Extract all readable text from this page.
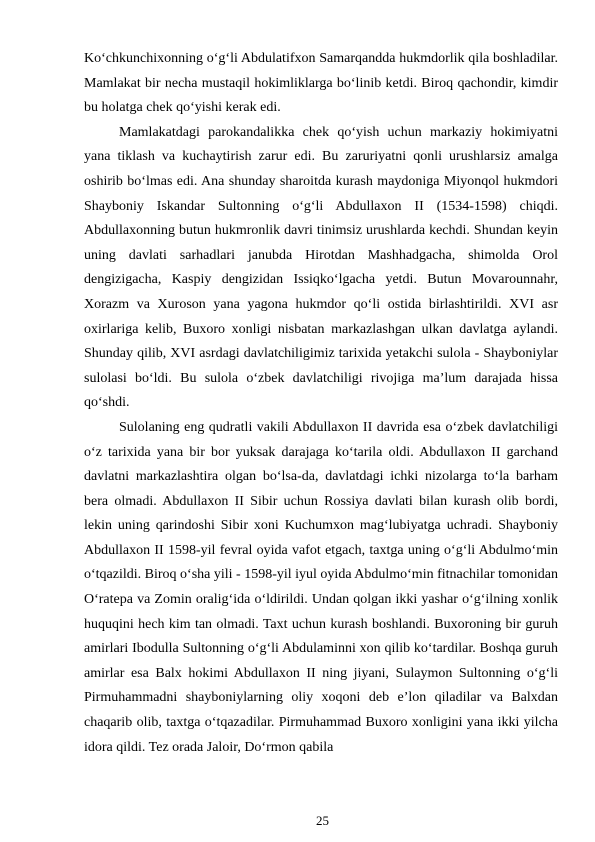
Ko‘chkunchixonning o‘g‘li Abdulatifxon Samarqandda hukmdorlik qila boshladilar. Mamlakat bir necha mustaqil hokimliklarga bo‘linib ketdi. Biroq qachondir, kimdir bu holatga chek qo‘yishi kerak edi.

Mamlakatdagi parokandalikka chek qo‘yish uchun markaziy hokimiyatni yana tiklash va kuchaytirish zarur edi. Bu zaruriyatni qonli urushlarsiz amalga oshirib bo‘lmas edi. Ana shunday sharoitda kurash maydoniga Miyonqol hukmdori Shayboniy Iskandar Sultonning o‘g‘li Abdullaxon II (1534-1598) chiqdi. Abdullaxonning butun hukmronlik davri tinimsiz urushlarda kechdi. Shundan keyin uning davlati sarhadlari janubda Hirotdan Mashhadgacha, shimolda Orol dengizigacha, Kaspiy dengizidan Issiqko‘lgacha yetdi. Butun Movarounnahr, Xorazm va Xuroson yana yagona hukmdor qo‘li ostida birlashtirildi. XVI asr oxirlariga kelib, Buxoro xonligi nisbatan markazlashgan ulkan davlatga aylandi. Shunday qilib, XVI asrdagi davlatchiligimiz tarixida yetakchi sulola - Shayboniylar sulolasi bo‘ldi. Bu sulola o‘zbek davlatchiligi rivojiga ma’lum darajada hissa qo‘shdi.

Sulolaning eng qudratli vakili Abdullaxon II davrida esa o‘zbek davlatchiligi o‘z tarixida yana bir bor yuksak darajaga ko‘tarila oldi. Abdullaxon II garchand davlatni markazlashtira olgan bo‘lsa-da, davlatdagi ichki nizolarga to‘la barham bera olmadi. Abdullaxon II Sibir uchun Rossiya davlati bilan kurash olib bordi, lekin uning qarindoshi Sibir xoni Kuchumxon mag‘lubiyatga uchradi. Shayboniy Abdullaxon II 1598-yil fevral oyida vafot etgach, taxtga uning o‘g‘li Abdulmo‘min o‘tqazildi. Biroq o‘sha yili - 1598-yil iyul oyida Abdulmo‘min fitnachilar tomonidan O‘ratepa va Zomin oralig‘ida o‘ldirildi. Undan qolgan ikki yashar o‘g‘ilning xonlik huquqini hech kim tan olmadi. Taxt uchun kurash boshlandi. Buxoroning bir guruh amirlari Ibodulla Sultonning o‘g‘li Abdulaminni xon qilib ko‘tardilar. Boshqa guruh amirlar esa Balx hokimi Abdullaxon II ning jiyani, Sulaymon Sultonning o‘g‘li Pirmuhammadni shayboniylarning oliy xoqoni deb e’lon qiladilar va Balxdan chaqarib olib, taxtga o‘tqazadilar. Pirmuhammad Buxoro xonligini yana ikki yilcha idora qildi. Tez orada Jaloir, Do‘rmon qabila

25
